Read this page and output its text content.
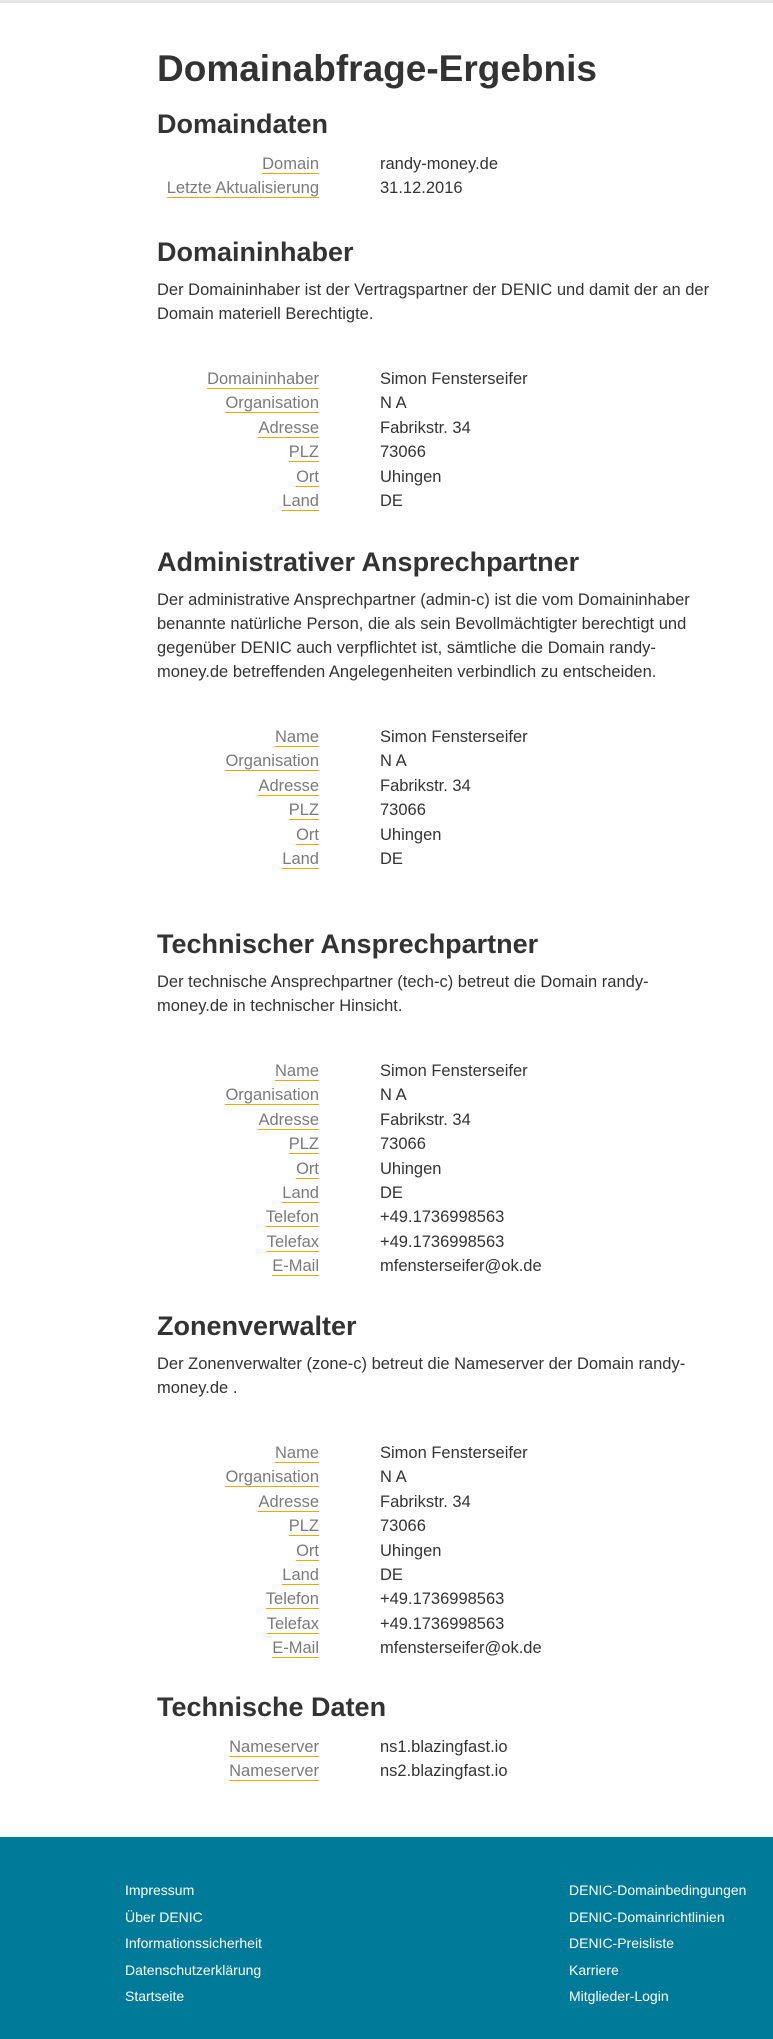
Domainabfrage-Ergebnis
Domaindaten
Domain	randy-money.de
Letzte Aktualisierung	31.12.2016
Domaininhaber

Der Domaininhaber ist der Vertragspartner der DENIC und damit der an der Domain materiell Berechtigte.

Domaininhaber	Simon Fensterseifer
Organisation	N A
Adresse	Fabrikstr. 34
PLZ	73066
Ort	Uhingen
Land	DE
Administrativer Ansprechpartner

Der administrative Ansprechpartner (admin-c) ist die vom Domaininhaber benannte natürliche Person, die als sein Bevollmächtigter berechtigt und gegenüber DENIC auch verpflichtet ist, sämtliche die Domain randy-money.de betreffenden Angelegenheiten verbindlich zu entscheiden.

Name	Simon Fensterseifer
Organisation	N A
Adresse	Fabrikstr. 34
PLZ	73066
Ort	Uhingen
Land	DE
Technischer Ansprechpartner

Der technische Ansprechpartner (tech-c) betreut die Domain randy-money.de in technischer Hinsicht.

Name	Simon Fensterseifer
Organisation	N A
Adresse	Fabrikstr. 34
PLZ	73066
Ort	Uhingen
Land	DE
Telefon	+49.1736998563
Telefax	+49.1736998563
E-Mail	mfensterseifer@ok.de
Zonenverwalter

Der Zonenverwalter (zone-c) betreut die Nameserver der Domain randy-money.de .

Name	Simon Fensterseifer
Organisation	N A
Adresse	Fabrikstr. 34
PLZ	73066
Ort	Uhingen
Land	DE
Telefon	+49.1736998563
Telefax	+49.1736998563
E-Mail	mfensterseifer@ok.de
Technische Daten
Nameserver	ns1.blazingfast.io
Nameserver	ns2.blazingfast.io
Impressum
Über DENIC
Informationssicherheit
Datenschutzerklärung
Startseite
DENIC-Domainbedingungen
DENIC-Domainrichtlinien
DENIC-Preisliste
Karriere
Mitglieder-Login
